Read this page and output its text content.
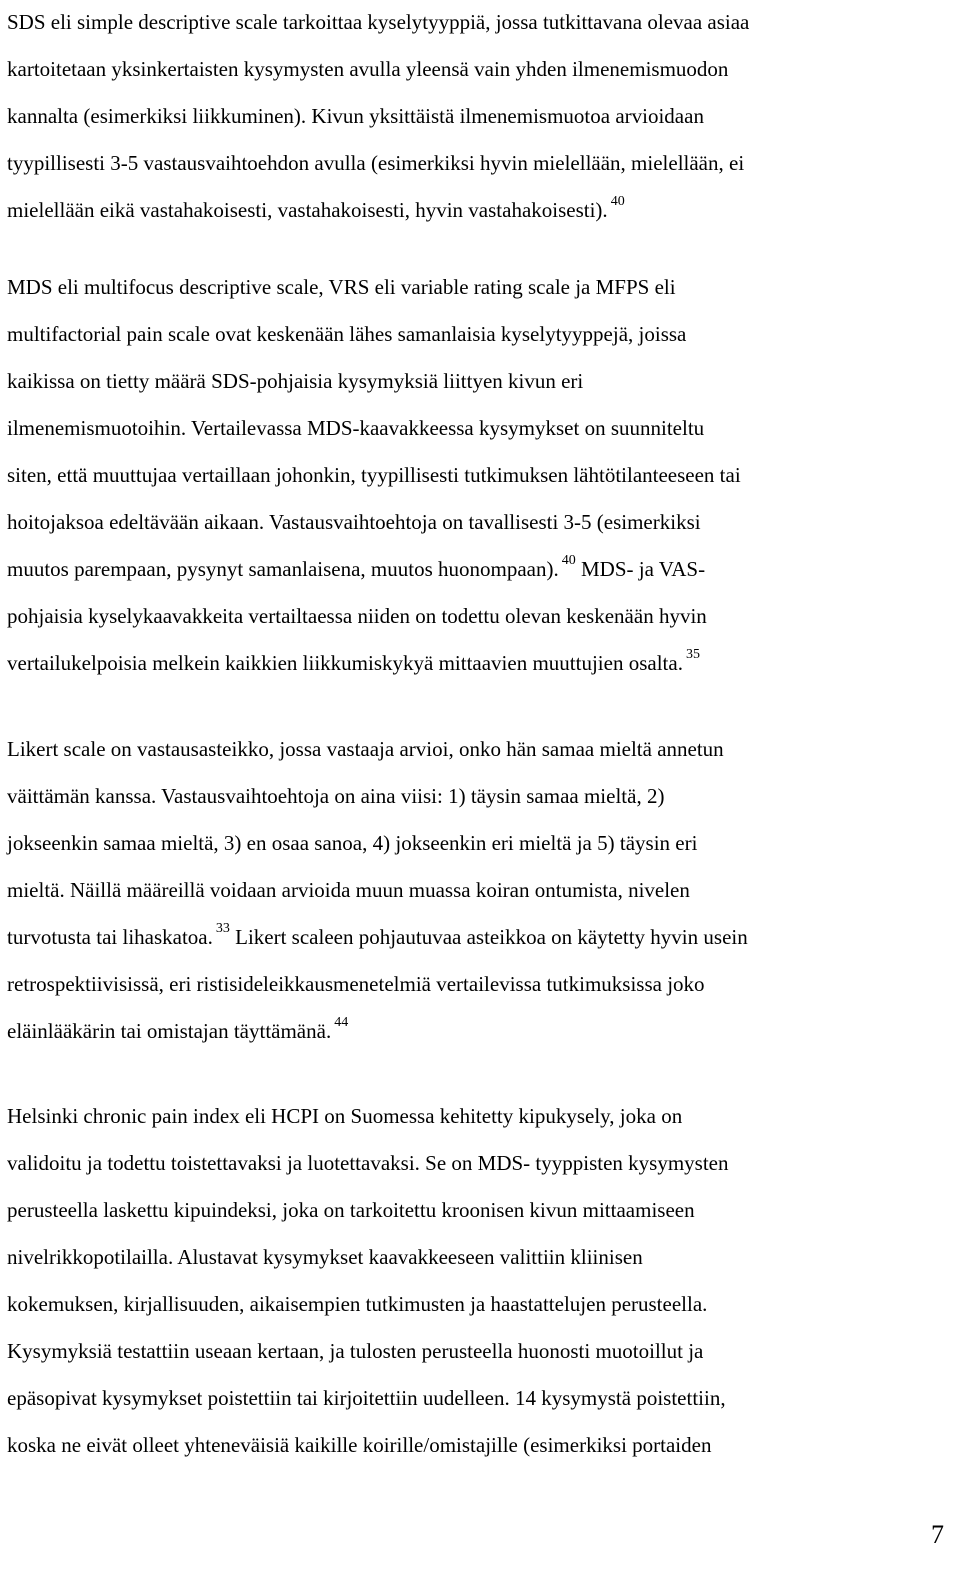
SDS eli simple descriptive scale tarkoittaa kyselytyyppiä, jossa tutkittavana olevaa asiaa
kartoitetaan yksinkertaisten kysymysten avulla yleensä vain yhden ilmenemismuodon
kannalta (esimerkiksi liikkuminen). Kivun yksittäistä ilmenemismuotoa arvioidaan
tyypillisesti 3-5 vastausvaihtoehdon avulla (esimerkiksi hyvin mielellään, mielellään, ei
mielellään eikä vastahakoisesti, vastahakoisesti, hyvin vastahakoisesti). $^{40}$

MDS eli multifocus descriptive scale, VRS eli variable rating scale ja MFPS eli
multifactorial pain scale ovat keskenään lähes samanlaisia kyselytyyppejä, joissa
kaikissa on tietty määrä SDS-pohjaisia kysymyksiä liittyen kivun eri
ilmenemismuotoihin. Vertailevassa MDS-kaavakkeessa kysymykset on suunniteltu
siten, että muuttujaa vertaillaan johonkin, tyypillisesti tutkimuksen lähtötilanteeseen tai
hoitojaksoa edeltävään aikaan. Vastausvaihtoehtoja on tavallisesti 3-5 (esimerkiksi
muutos parempaan, pysynyt samanlaisena, muutos huonompaan). $^{40}$ MDS- ja VAS-
pohjaisia kyselykaavakkeita vertailtaessa niiden on todettu olevan keskenään hyvin
vertailukelpoisia melkein kaikkien liikkumiskykyä mittaavien muuttujien osalta. $^{35}$

Likert scale on vastausasteikko, jossa vastaaja arvioi, onko hän samaa mieltä annetun
väittämän kanssa. Vastausvaihtoehtoja on aina viisi: 1) täysin samaa mieltä, 2)
jokseenkin samaa mieltä, 3) en osaa sanoa, 4) jokseenkin eri mieltä ja 5) täysin eri
mieltä. Näillä määreillä voidaan arvioida muun muassa koiran ontumista, nivelen
turvotusta tai lihaskatoa. $^{33}$ Likert scaleen pohjautuvaa asteikkoa on käytetty hyvin usein
retrospektiivisissä, eri ristisideleikkausmenetelmiä vertailevissa tutkimuksissa joko
eläinlääkärin tai omistajan täyttämänä. $^{44}$

Helsinki chronic pain index eli HCPI on Suomessa kehitetty kipukysely, joka on
validoitu ja todettu toistettavaksi ja luotettavaksi. Se on MDS- tyyppisten kysymysten
perusteella laskettu kipuindeksi, joka on tarkoitettu kroonisen kivun mittaamiseen
nivelrikkopotilailla. Alustavat kysymykset kaavakkeeseen valittiin kliinisen
kokemuksen, kirjallisuuden, aikaisempien tutkimusten ja haastattelujen perusteella.
Kysymyksiä testattiin useaan kertaan, ja tulosten perusteella huonosti muotoillut ja
epäsopivat kysymykset poistettiin tai kirjoitettiin uudelleen. 14 kysymystä poistettiin,
koska ne eivät olleet yhteneväisiä kaikille koirille/omistajille (esimerkiksi portaiden

7
